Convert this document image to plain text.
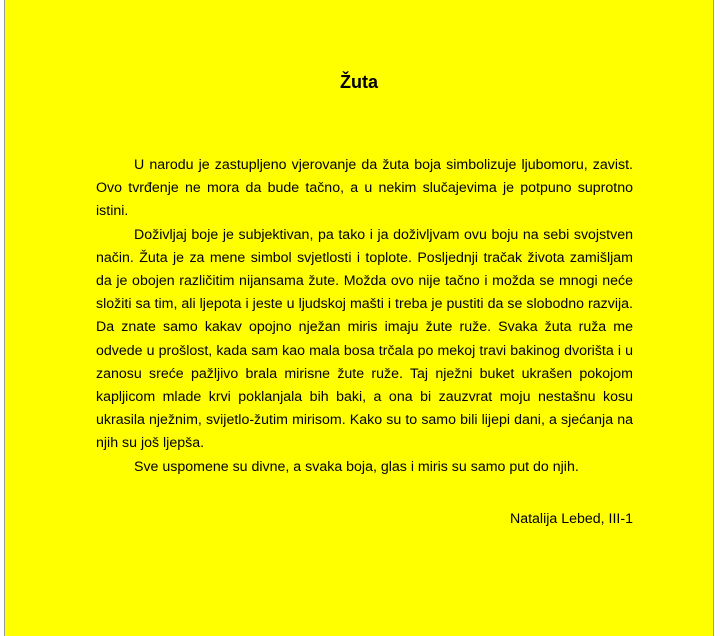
Žuta

U narodu je zastupljeno vjerovanje da žuta boja simbolizuje ljubomoru, zavist. Ovo tvrđenje ne mora da bude tačno, a u nekim slučajevima je potpuno suprotno istini.

Doživljaj boje je subjektivan, pa tako i ja doživljvam ovu boju na sebi svojstven način. Žuta je za mene simbol svjetlosti i toplote. Posljednji tračak života zamišljam da je obojen različitim nijansama žute. Možda ovo nije tačno i možda se mnogi neće složiti sa tim, ali ljepota i jeste u ljudskoj mašti i treba je pustiti da se slobodno razvija. Da znate samo kakav opojno nježan miris imaju žute ruže. Svaka žuta ruža me odvede u prošlost, kada sam kao mala bosa trčala po mekoj travi bakinog dvorišta i u zanosu sreće pažljivo brala mirisne žute ruže. Taj nježni buket ukrašen pokojom kapljicom mlade krvi poklanjala bih baki, a ona bi zauzvrat moju nestašnu kosu ukrasila nježnim, svijetlo-žutim mirisom. Kako su to samo bili lijepi dani, a sjećanja na njih su još ljepša.

Sve uspomene su divne, a svaka boja, glas i miris su samo put do njih.

Natalija Lebed, III-1
